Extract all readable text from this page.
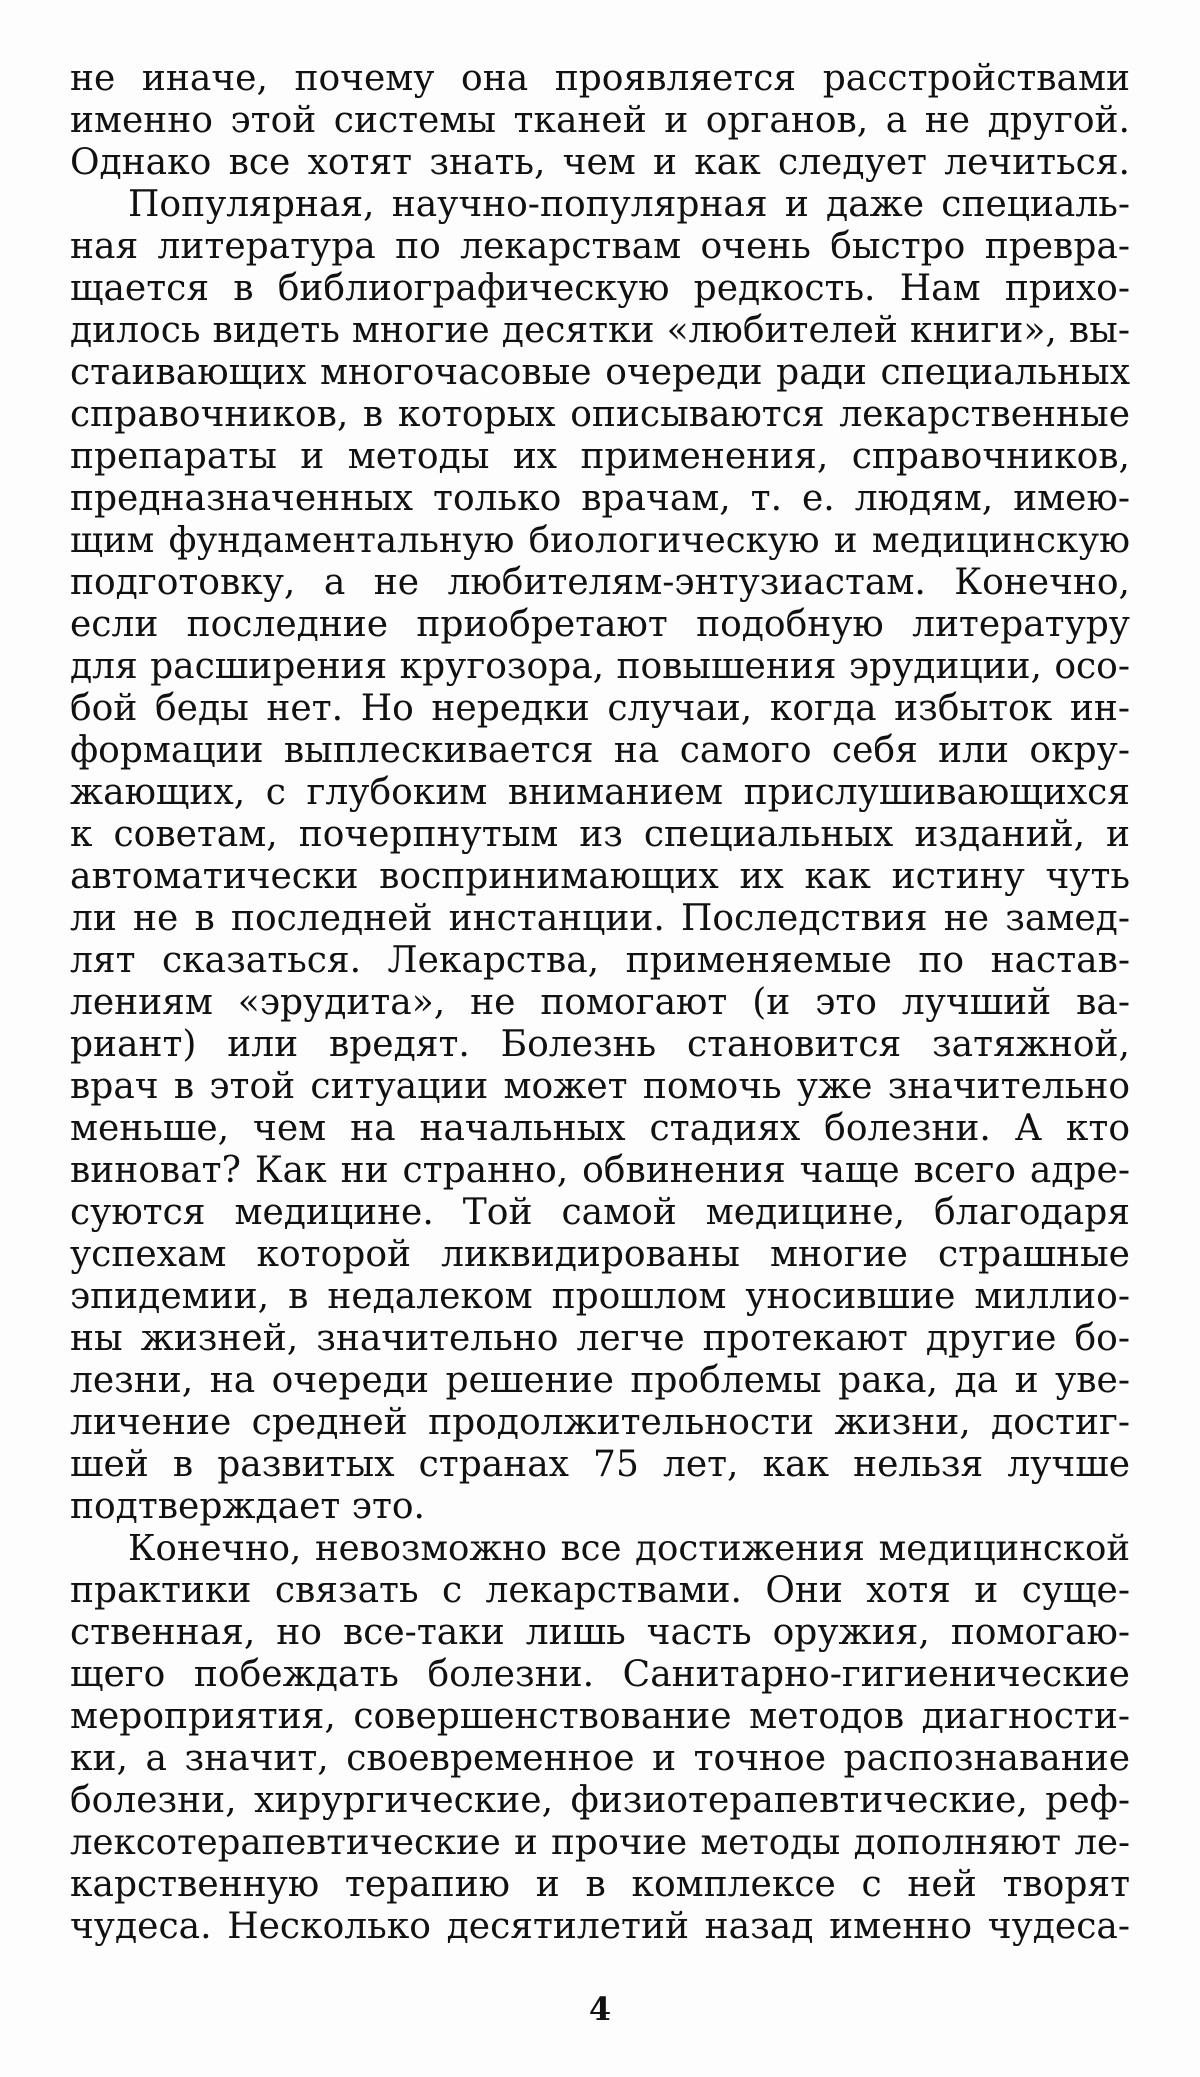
не иначе, почему она проявляется расстройствами
именно этой системы тканей и органов, а не другой.
Однако все хотят знать, чем и как следует лечиться.
Популярная, научно-популярная и даже специаль-
ная литература по лекарствам очень быстро превра-
щается в библиографическую редкость. Нам прихо-
дилось видеть многие десятки «любителей книги», вы-
стаивающих многочасовые очереди ради специальных
справочников, в которых описываются лекарственные
препараты и методы их применения, справочников,
предназначенных только врачам, т. е. людям, имею-
щим фундаментальную биологическую и медицинскую
подготовку, а не любителям-энтузиастам. Конечно,
если последние приобретают подобную литературу
для расширения кругозора, повышения эрудиции, осо-
бой беды нет. Но нередки случаи, когда избыток ин-
формации выплескивается на самого себя или окру-
жающих, с глубоким вниманием прислушивающихся
к советам, почерпнутым из специальных изданий, и
автоматически воспринимающих их как истину чуть
ли не в последней инстанции. Последствия не замед-
лят сказаться. Лекарства, применяемые по настав-
лениям «эрудита», не помогают (и это лучший ва-
риант) или вредят. Болезнь становится затяжной,
врач в этой ситуации может помочь уже значительно
меньше, чем на начальных стадиях болезни. А кто
виноват? Как ни странно, обвинения чаще всего адре-
суются медицине. Той самой медицине, благодаря
успехам которой ликвидированы многие страшные
эпидемии, в недалеком прошлом уносившие миллио-
ны жизней, значительно легче протекают другие бо-
лезни, на очереди решение проблемы рака, да и уве-
личение средней продолжительности жизни, достиг-
шей в развитых странах 75 лет, как нельзя лучше
подтверждает это.
Конечно, невозможно все достижения медицинской
практики связать с лекарствами. Они хотя и суще-
ственная, но все-таки лишь часть оружия, помогаю-
щего побеждать болезни. Санитарно-гигиенические
мероприятия, совершенствование методов диагности-
ки, а значит, своевременное и точное распознавание
болезни, хирургические, физиотерапевтические, реф-
лексотерапевтические и прочие методы дополняют ле-
карственную терапию и в комплексе с ней творят
чудеса. Несколько десятилетий назад именно чудеса-
4
